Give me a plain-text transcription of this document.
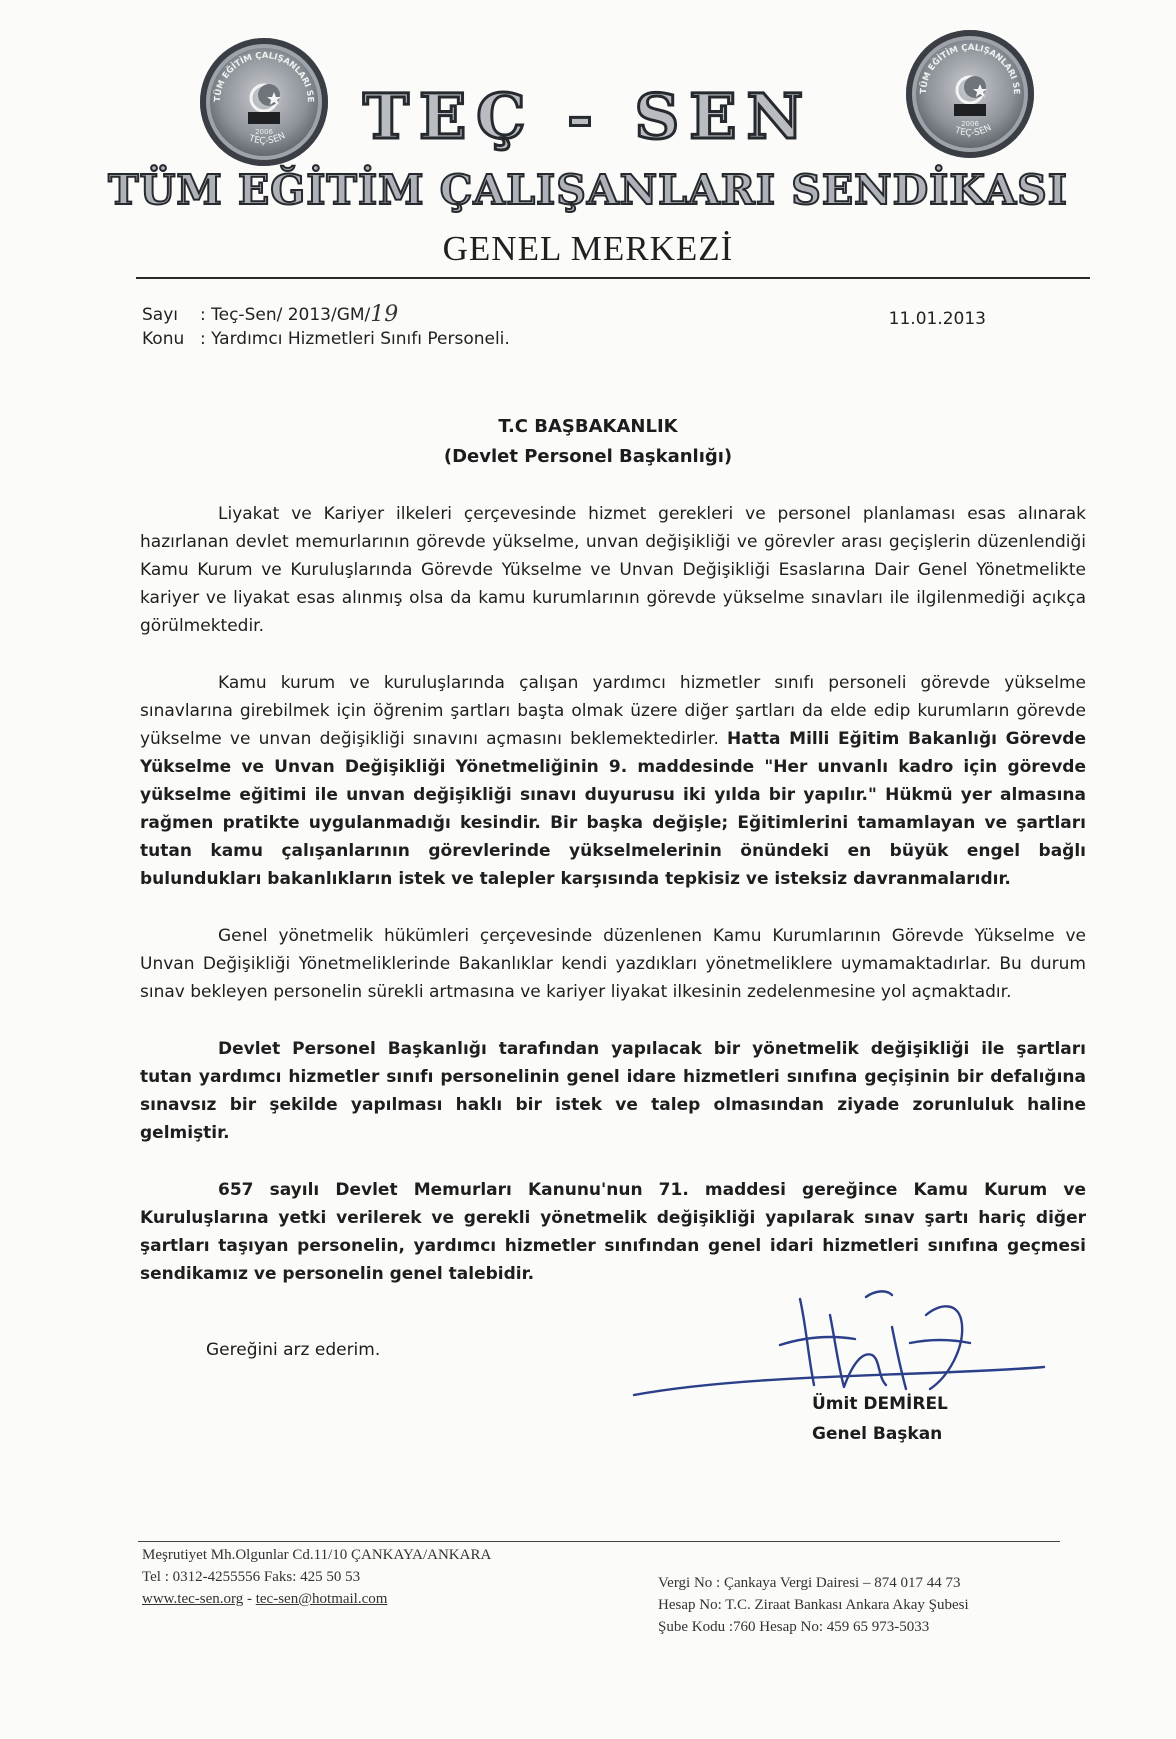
TÜM EĞİTİM ÇALIŞANLARI SE
TEÇ-SEN
2006
TÜM EĞİTİM ÇALIŞANLARI SE
TEÇ-SEN
2006
TEÇ - SEN
TÜM EĞİTİM ÇALIŞANLARI SENDİKASI
GENEL MERKEZİ
Sayı	: Teç-Sen/ 2013/GM/ 19
Konu : Yardımcı Hizmetleri Sınıfı Personeli.
11.01.2013
T.C BAŞBAKANLIK
(Devlet Personel Başkanlığı)

Liyakat ve Kariyer ilkeleri çerçevesinde hizmet gerekleri ve personel planlaması esas alınarak hazırlanan devlet memurlarının görevde yükselme, unvan değişikliği ve görevler arası geçişlerin düzenlendiği Kamu Kurum ve Kuruluşlarında Görevde Yükselme ve Unvan Değişikliği Esaslarına Dair Genel Yönetmelikte kariyer ve liyakat esas alınmış olsa da kamu kurumlarının görevde yükselme sınavları ile ilgilenmediği açıkça görülmektedir.

Kamu kurum ve kuruluşlarında çalışan yardımcı hizmetler sınıfı personeli görevde yükselme sınavlarına girebilmek için öğrenim şartları başta olmak üzere diğer şartları da elde edip kurumların görevde yükselme ve unvan değişikliği sınavını açmasını beklemektedirler. Hatta Milli Eğitim Bakanlığı Görevde Yükselme ve Unvan Değişikliği Yönetmeliğinin 9. maddesinde "Her unvanlı kadro için görevde yükselme eğitimi ile unvan değişikliği sınavı duyurusu iki yılda bir yapılır." Hükmü yer almasına rağmen pratikte uygulanmadığı kesindir. Bir başka değişle; Eğitimlerini tamamlayan ve şartları tutan kamu çalışanlarının görevlerinde yükselmelerinin önündeki en büyük engel bağlı bulundukları bakanlıkların istek ve talepler karşısında tepkisiz ve isteksiz davranmalarıdır.

Genel yönetmelik hükümleri çerçevesinde düzenlenen Kamu Kurumlarının Görevde Yükselme ve Unvan Değişikliği Yönetmeliklerinde Bakanlıklar kendi yazdıkları yönetmeliklere uymamaktadırlar. Bu durum sınav bekleyen personelin sürekli artmasına ve kariyer liyakat ilkesinin zedelenmesine yol açmaktadır.

Devlet Personel Başkanlığı tarafından yapılacak bir yönetmelik değişikliği ile şartları tutan yardımcı hizmetler sınıfı personelinin genel idare hizmetleri sınıfına geçişinin bir defalığına sınavsız bir şekilde yapılması haklı bir istek ve talep olmasından ziyade zorunluluk haline gelmiştir.

657 sayılı Devlet Memurları Kanunu'nun 71. maddesi gereğince Kamu Kurum ve Kuruluşlarına yetki verilerek ve gerekli yönetmelik değişikliği yapılarak sınav şartı hariç diğer şartları taşıyan personelin, yardımcı hizmetler sınıfından genel idari hizmetleri sınıfına geçmesi sendikamız ve personelin genel talebidir.

Gereğini arz ederim.
Ümit DEMİREL
Genel Başkan
Meşrutiyet Mh.Olgunlar Cd.11/10 ÇANKAYA/ANKARA
Tel : 0312-4255556 Faks: 425 50 53
www.tec-sen.org - tec-sen@hotmail.com
Vergi No : Çankaya Vergi Dairesi – 874 017 44 73
Hesap No: T.C. Ziraat Bankası Ankara Akay Şubesi
Şube Kodu :760 Hesap No: 459 65 973-5033
